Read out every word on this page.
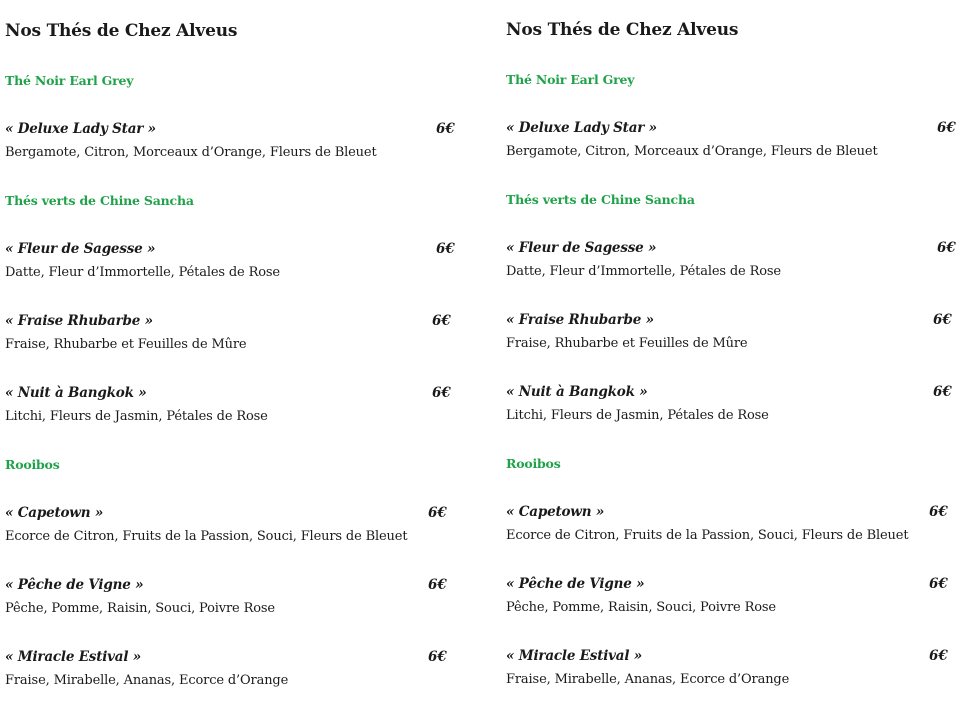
Nos Thés de Chez Alveus
Thé Noir Earl Grey
« Deluxe Lady Star »	6€
Bergamote, Citron, Morceaux d’Orange, Fleurs de Bleuet
Thés verts de Chine Sancha
« Fleur de Sagesse »	6€
Datte, Fleur d’Immortelle, Pétales de Rose
« Fraise Rhubarbe »	6€
Fraise, Rhubarbe et Feuilles de Mûre
« Nuit à Bangkok »	6€
Litchi, Fleurs de Jasmin, Pétales de Rose
Rooibos
« Capetown »	6€
Ecorce de Citron, Fruits de la Passion, Souci, Fleurs de Bleuet
« Pêche de Vigne »	6€
Pêche, Pomme, Raisin, Souci, Poivre Rose
« Miracle Estival »	6€
Fraise, Mirabelle, Ananas, Ecorce d’Orange
Nos Thés de Chez Alveus
Thé Noir Earl Grey
« Deluxe Lady Star »	6€
Bergamote, Citron, Morceaux d’Orange, Fleurs de Bleuet
Thés verts de Chine Sancha
« Fleur de Sagesse »	6€
Datte, Fleur d’Immortelle, Pétales de Rose
« Fraise Rhubarbe »	6€
Fraise, Rhubarbe et Feuilles de Mûre
« Nuit à Bangkok »	6€
Litchi, Fleurs de Jasmin, Pétales de Rose
Rooibos
« Capetown »	6€
Ecorce de Citron, Fruits de la Passion, Souci, Fleurs de Bleuet
« Pêche de Vigne »	6€
Pêche, Pomme, Raisin, Souci, Poivre Rose
« Miracle Estival »	6€
Fraise, Mirabelle, Ananas, Ecorce d’Orange
